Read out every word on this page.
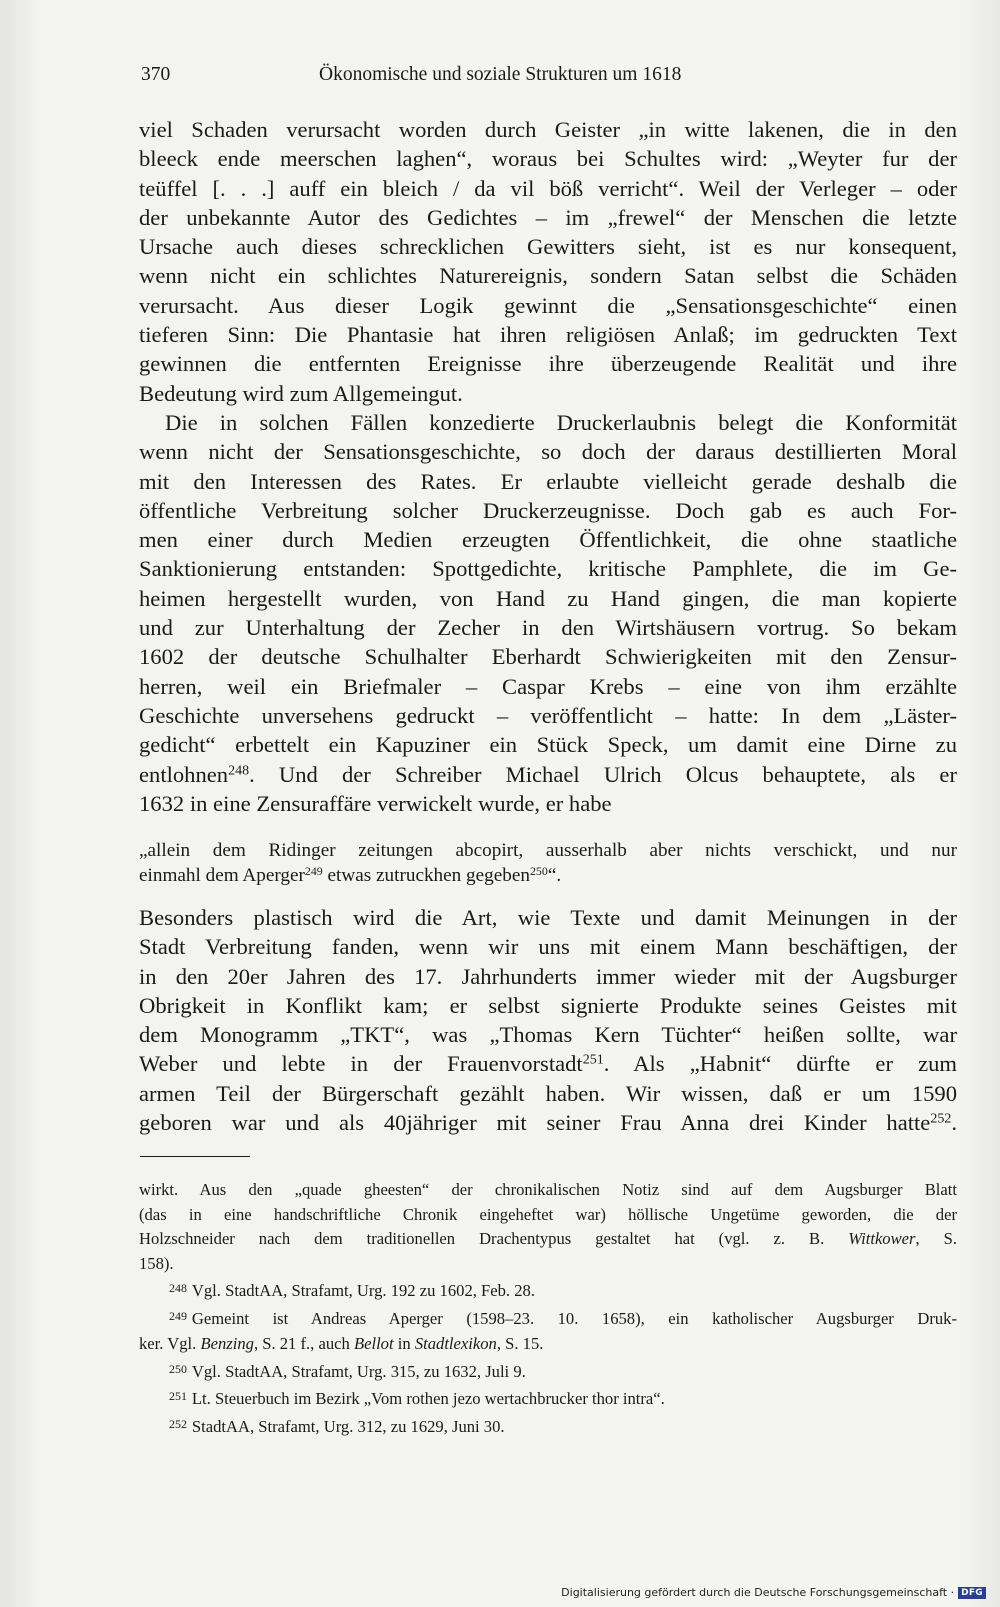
370	Ökonomische und soziale Strukturen um 1618
viel Schaden verursacht worden durch Geister „in witte lakenen, die in den
bleeck ende meerschen laghen“, woraus bei Schultes wird: „Weyter fur der
teüffel [. . .] auff ein bleich / da vil böß verricht“. Weil der Verleger – oder
der unbekannte Autor des Gedichtes – im „frewel“ der Menschen die letzte
Ursache auch dieses schrecklichen Gewitters sieht, ist es nur konsequent,
wenn nicht ein schlichtes Naturereignis, sondern Satan selbst die Schäden
verursacht. Aus dieser Logik gewinnt die „Sensationsgeschichte“ einen
tieferen Sinn: Die Phantasie hat ihren religiösen Anlaß; im gedruckten Text
gewinnen die entfernten Ereignisse ihre überzeugende Realität und ihre
Bedeutung wird zum Allgemeingut.
Die in solchen Fällen konzedierte Druckerlaubnis belegt die Konformität
wenn nicht der Sensationsgeschichte, so doch der daraus destillierten Moral
mit den Interessen des Rates. Er erlaubte vielleicht gerade deshalb die
öffentliche Verbreitung solcher Druckerzeugnisse. Doch gab es auch For-
men einer durch Medien erzeugten Öffentlichkeit, die ohne staatliche
Sanktionierung entstanden: Spottgedichte, kritische Pamphlete, die im Ge-
heimen hergestellt wurden, von Hand zu Hand gingen, die man kopierte
und zur Unterhaltung der Zecher in den Wirtshäusern vortrug. So bekam
1602 der deutsche Schulhalter Eberhardt Schwierigkeiten mit den Zensur-
herren, weil ein Briefmaler – Caspar Krebs – eine von ihm erzählte
Geschichte unversehens gedruckt – veröffentlicht – hatte: In dem „Läster-
gedicht“ erbettelt ein Kapuziner ein Stück Speck, um damit eine Dirne zu
entlohnen$^{248}$. Und der Schreiber Michael Ulrich Olcus behauptete, als er
1632 in eine Zensuraffäre verwickelt wurde, er habe
„allein dem Ridinger zeitungen abcopirt, ausserhalb aber nichts verschickt, und nur
einmahl dem Aperger$^{249}$ etwas zutruckhen gegeben$^{250}$“.
Besonders plastisch wird die Art, wie Texte und damit Meinungen in der
Stadt Verbreitung fanden, wenn wir uns mit einem Mann beschäftigen, der
in den 20er Jahren des 17. Jahrhunderts immer wieder mit der Augsburger
Obrigkeit in Konflikt kam; er selbst signierte Produkte seines Geistes mit
dem Monogramm „TKT“, was „Thomas Kern Tüchter“ heißen sollte, war
Weber und lebte in der Frauenvorstadt$^{251}$. Als „Habnit“ dürfte er zum
armen Teil der Bürgerschaft gezählt haben. Wir wissen, daß er um 1590
geboren war und als 40jähriger mit seiner Frau Anna drei Kinder hatte$^{252}$.
wirkt. Aus den „quade gheesten“ der chronikalischen Notiz sind auf dem Augsburger Blatt
(das in eine handschriftliche Chronik eingeheftet war) höllische Ungetüme geworden, die der
Holzschneider nach dem traditionellen Drachentypus gestaltet hat (vgl. z. B. Wittkower, S.
158).
$^{248}$ Vgl. StadtAA, Strafamt, Urg. 192 zu 1602, Feb. 28.
$^{249}$ Gemeint ist Andreas Aperger (1598–23. 10. 1658), ein katholischer Augsburger Druk-
ker. Vgl. Benzing, S. 21 f., auch Bellot in Stadtlexikon, S. 15.
$^{250}$ Vgl. StadtAA, Strafamt, Urg. 315, zu 1632, Juli 9.
$^{251}$ Lt. Steuerbuch im Bezirk „Vom rothen jezo wertachbrucker thor intra“.
$^{252}$ StadtAA, Strafamt, Urg. 312, zu 1629, Juni 30.
Digitalisierung gefördert durch die Deutsche Forschungsgemeinschaft · DFG
